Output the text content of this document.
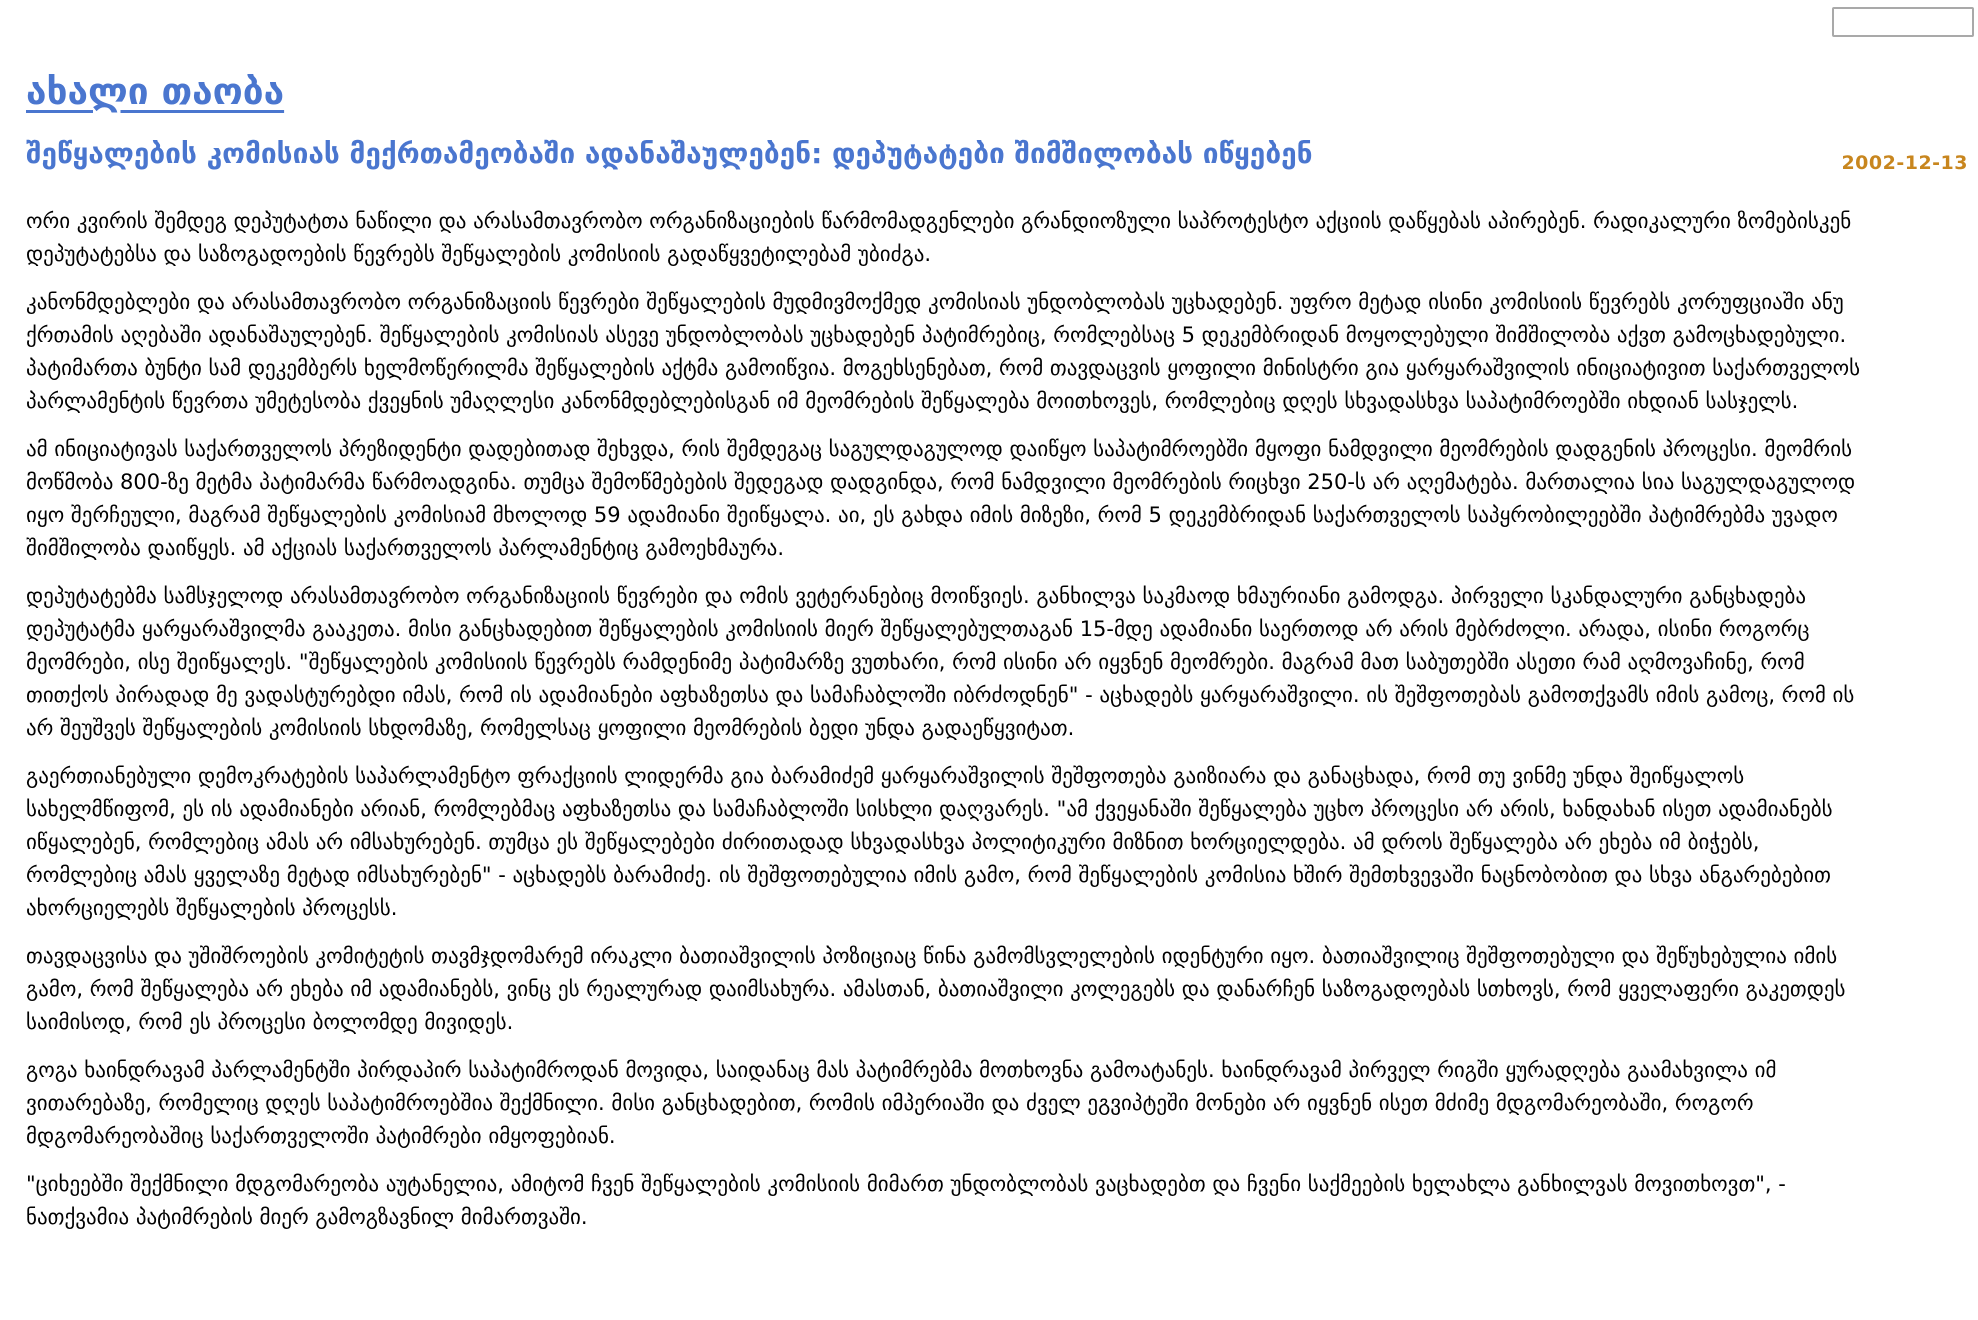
2002-12-13
ახალი თაობა
შეწყალების კომისიას მექრთამეობაში ადანაშაულებენ: დეპუტატები შიმშილობას იწყებენ

ორი კვირის შემდეგ დეპუტატთა ნაწილი და არასამთავრობო ორგანიზაციების წარმომადგენლები გრანდიოზული საპროტესტო აქციის დაწყებას აპირებენ. რადიკალური ზომებისკენ დეპუტატებსა და საზოგადოების წევრებს შეწყალების კომისიის გადაწყვეტილებამ უბიძგა.

კანონმდებლები და არასამთავრობო ორგანიზაციის წევრები შეწყალების მუდმივმოქმედ კომისიას უნდობლობას უცხადებენ. უფრო მეტად ისინი კომისიის წევრებს კორუფციაში ანუ ქრთამის აღებაში ადანაშაულებენ. შეწყალების კომისიას ასევე უნდობლობას უცხადებენ პატიმრებიც, რომლებსაც 5 დეკემბრიდან მოყოლებული შიმშილობა აქვთ გამოცხადებული. პატიმართა ბუნტი სამ დეკემბერს ხელმოწერილმა შეწყალების აქტმა გამოიწვია. მოგეხსენებათ, რომ თავდაცვის ყოფილი მინისტრი გია ყარყარაშვილის ინიციატივით საქართველოს პარლამენტის წევრთა უმეტესობა ქვეყნის უმაღლესი კანონმდებლებისგან იმ მეომრების შეწყალება მოითხოვეს, რომლებიც დღეს სხვადასხვა საპატიმროებში იხდიან სასჯელს.

ამ ინიციატივას საქართველოს პრეზიდენტი დადებითად შეხვდა, რის შემდეგაც საგულდაგულოდ დაიწყო საპატიმროებში მყოფი ნამდვილი მეომრების დადგენის პროცესი. მეომრის მოწმობა 800-ზე მეტმა პატიმარმა წარმოადგინა. თუმცა შემოწმებების შედეგად დადგინდა, რომ ნამდვილი მეომრების რიცხვი 250-ს არ აღემატება. მართალია სია საგულდაგულოდ იყო შერჩეული, მაგრამ შეწყალების კომისიამ მხოლოდ 59 ადამიანი შეიწყალა. აი, ეს გახდა იმის მიზეზი, რომ 5 დეკემბრიდან საქართველოს საპყრობილეებში პატიმრებმა უვადო შიმშილობა დაიწყეს. ამ აქციას საქართველოს პარლამენტიც გამოეხმაურა.

დეპუტატებმა სამსჯელოდ არასამთავრობო ორგანიზაციის წევრები და ომის ვეტერანებიც მოიწვიეს. განხილვა საკმაოდ ხმაურიანი გამოდგა. პირველი სკანდალური განცხადება დეპუტატმა ყარყარაშვილმა გააკეთა. მისი განცხადებით შეწყალების კომისიის მიერ შეწყალებულთაგან 15-მდე ადამიანი საერთოდ არ არის მებრძოლი. არადა, ისინი როგორც მეომრები, ისე შეიწყალეს. "შეწყალების კომისიის წევრებს რამდენიმე პატიმარზე ვუთხარი, რომ ისინი არ იყვნენ მეომრები. მაგრამ მათ საბუთებში ასეთი რამ აღმოვაჩინე, რომ თითქოს პირადად მე ვადასტურებდი იმას, რომ ის ადამიანები აფხაზეთსა და სამაჩაბლოში იბრძოდნენ" - აცხადებს ყარყარაშვილი. ის შეშფოთებას გამოთქვამს იმის გამოც, რომ ის არ შეუშვეს შეწყალების კომისიის სხდომაზე, რომელსაც ყოფილი მეომრების ბედი უნდა გადაეწყვიტათ.

გაერთიანებული დემოკრატების საპარლამენტო ფრაქციის ლიდერმა გია ბარამიძემ ყარყარაშვილის შეშფოთება გაიზიარა და განაცხადა, რომ თუ ვინმე უნდა შეიწყალოს სახელმწიფომ, ეს ის ადამიანები არიან, რომლებმაც აფხაზეთსა და სამაჩაბლოში სისხლი დაღვარეს. "ამ ქვეყანაში შეწყალება უცხო პროცესი არ არის, ხანდახან ისეთ ადამიანებს იწყალებენ, რომლებიც ამას არ იმსახურებენ. თუმცა ეს შეწყალებები ძირითადად სხვადასხვა პოლიტიკური მიზნით ხორციელდება. ამ დროს შეწყალება არ ეხება იმ ბიჭებს, რომლებიც ამას ყველაზე მეტად იმსახურებენ" - აცხადებს ბარამიძე. ის შეშფოთებულია იმის გამო, რომ შეწყალების კომისია ხშირ შემთხვევაში ნაცნობობით და სხვა ანგარებებით ახორციელებს შეწყალების პროცესს.

თავდაცვისა და უშიშროების კომიტეტის თავმჯდომარემ ირაკლი ბათიაშვილის პოზიციაც წინა გამომსვლელების იდენტური იყო. ბათიაშვილიც შეშფოთებული და შეწუხებულია იმის გამო, რომ შეწყალება არ ეხება იმ ადამიანებს, ვინც ეს რეალურად დაიმსახურა. ამასთან, ბათიაშვილი კოლეგებს და დანარჩენ საზოგადოებას სთხოვს, რომ ყველაფერი გაკეთდეს საიმისოდ, რომ ეს პროცესი ბოლომდე მივიდეს.

გოგა ხაინდრავამ პარლამენტში პირდაპირ საპატიმროდან მოვიდა, საიდანაც მას პატიმრებმა მოთხოვნა გამოატანეს. ხაინდრავამ პირველ რიგში ყურადღება გაამახვილა იმ ვითარებაზე, რომელიც დღეს საპატიმროებშია შექმნილი. მისი განცხადებით, რომის იმპერიაში და ძველ ეგვიპტეში მონები არ იყვნენ ისეთ მძიმე მდგომარეობაში, როგორ მდგომარეობაშიც საქართველოში პატიმრები იმყოფებიან.

"ციხეებში შექმნილი მდგომარეობა აუტანელია, ამიტომ ჩვენ შეწყალების კომისიის მიმართ უნდობლობას ვაცხადებთ და ჩვენი საქმეების ხელახლა განხილვას მოვითხოვთ", - ნათქვამია პატიმრების მიერ გამოგზავნილ მიმართვაში.
